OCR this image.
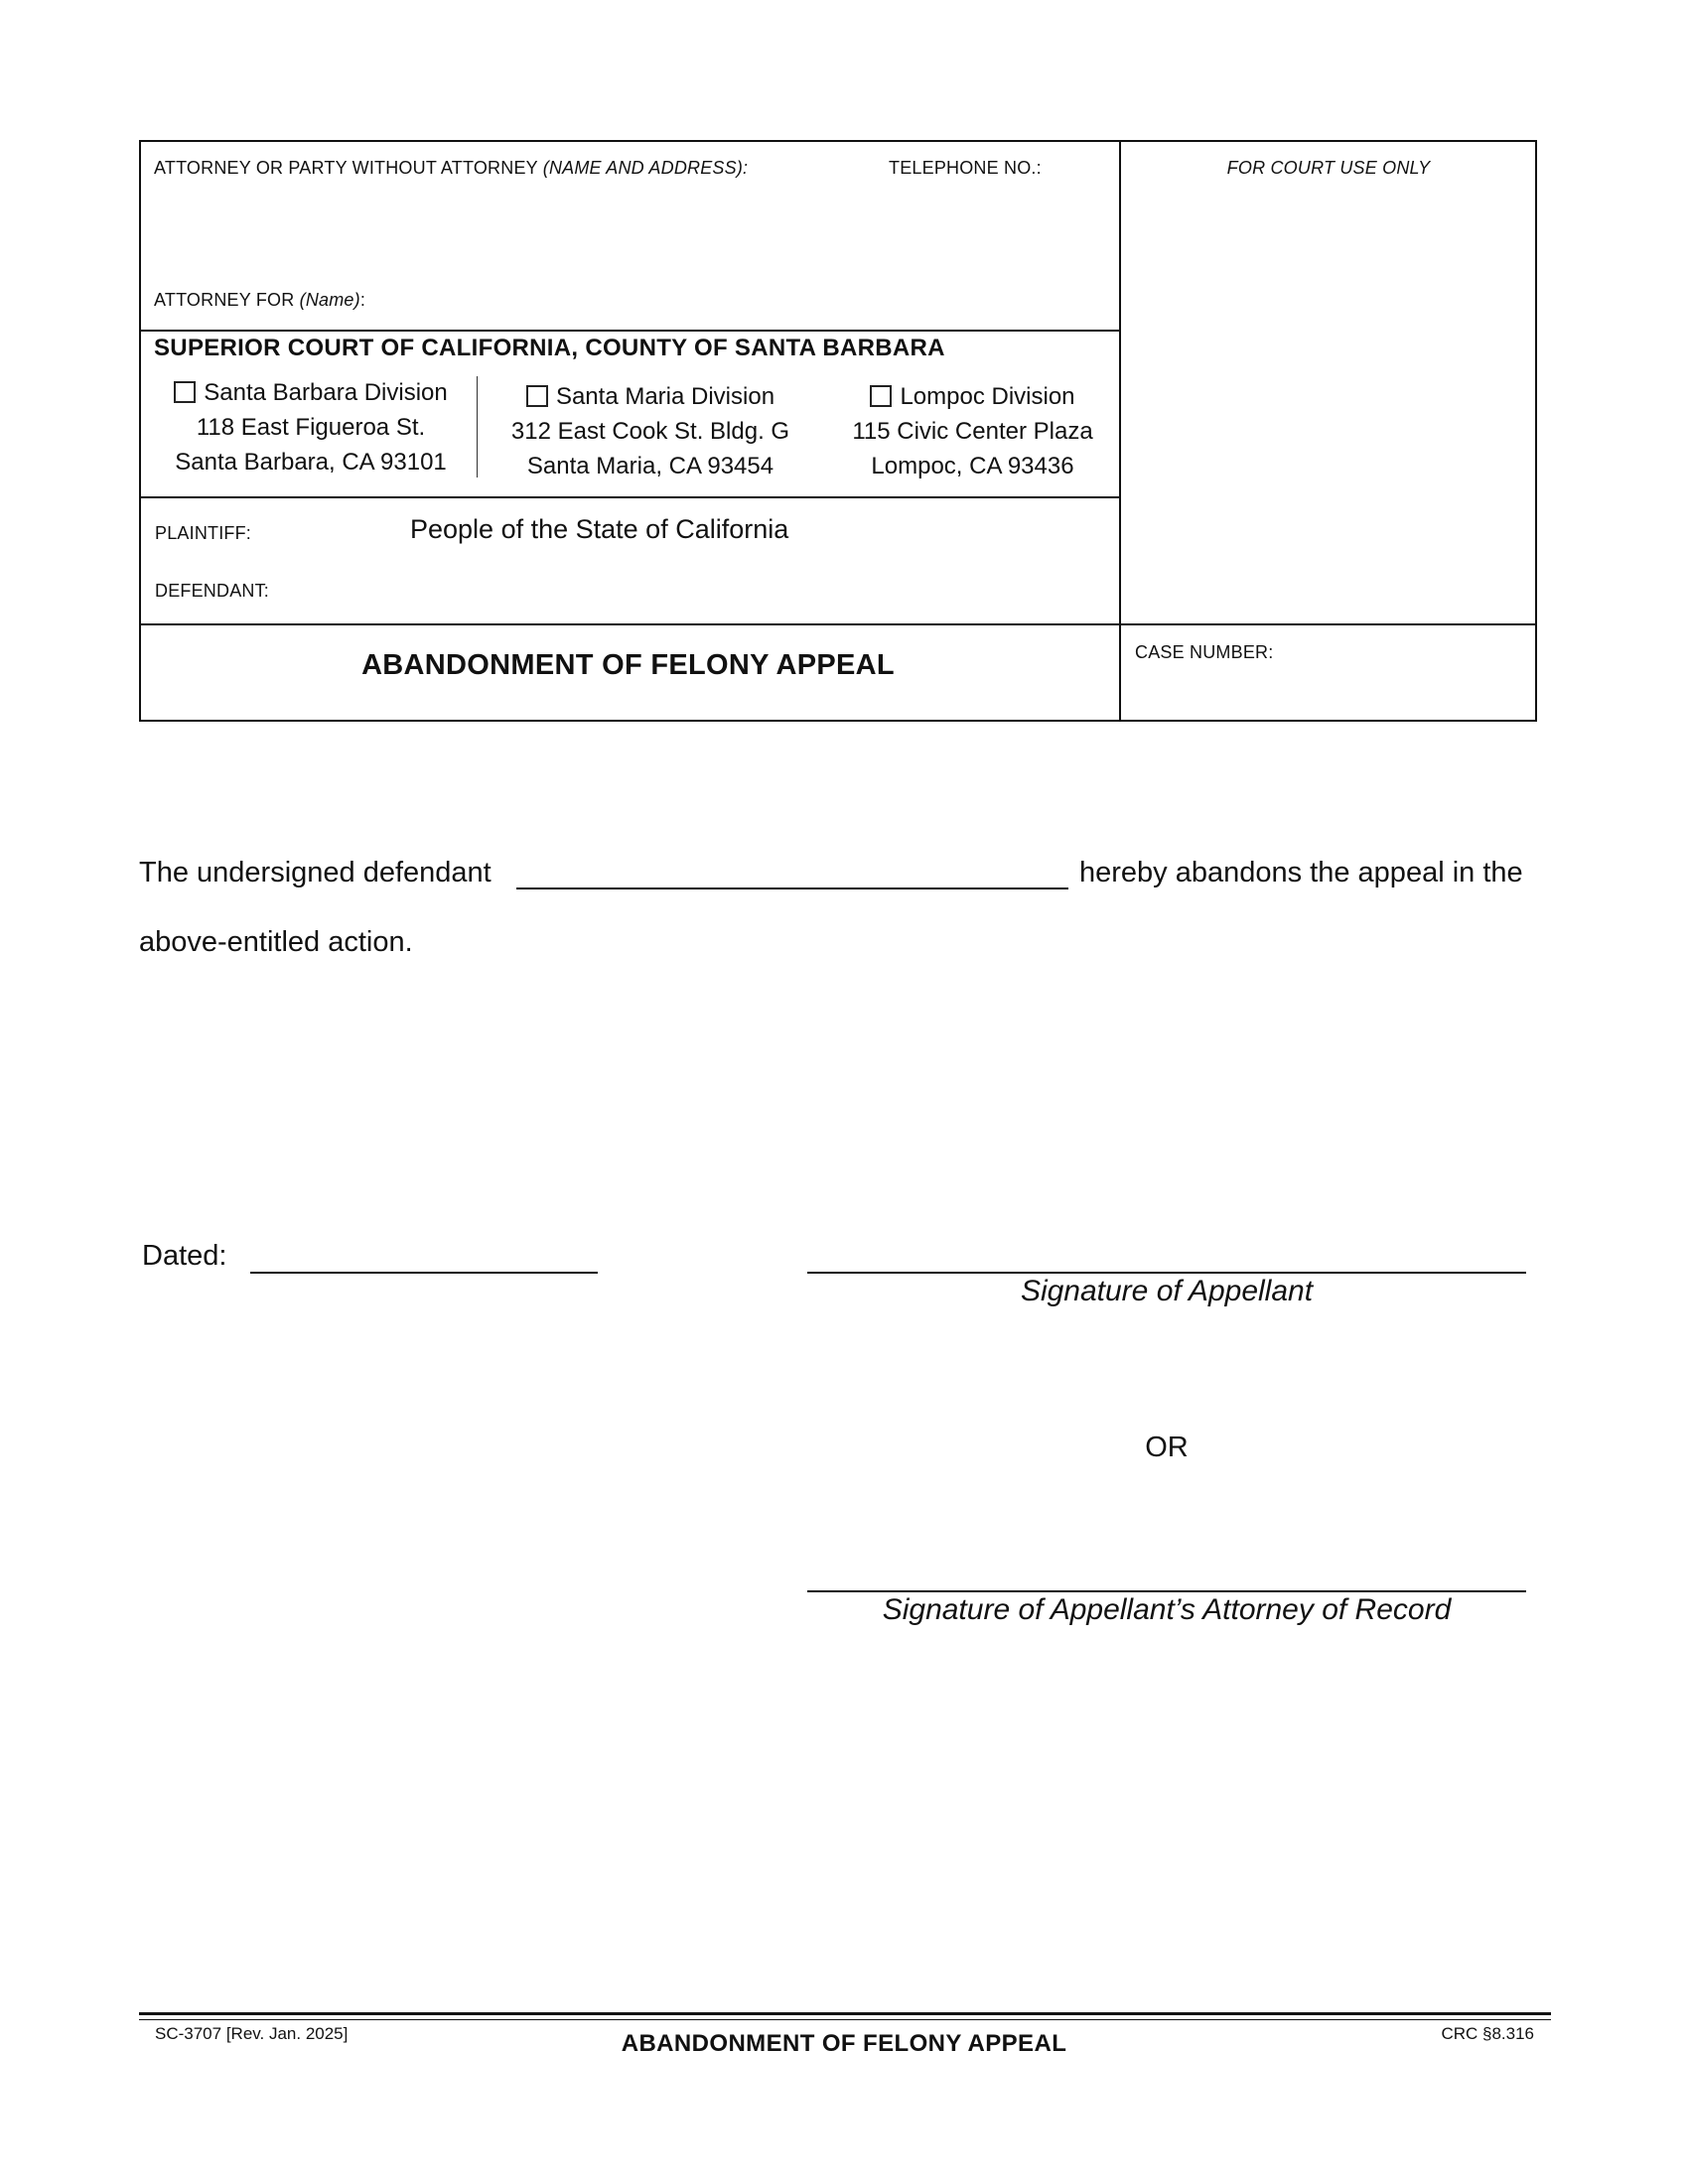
ATTORNEY OR PARTY WITHOUT ATTORNEY (NAME AND ADDRESS):	TELEPHONE NO.:
ATTORNEY FOR (Name):
FOR COURT USE ONLY
SUPERIOR COURT OF CALIFORNIA, COUNTY OF SANTA BARBARA
Santa Barbara Division
118 East Figueroa St.
Santa Barbara, CA 93101
Santa Maria Division
312 East Cook St. Bldg. G
Santa Maria, CA 93454
Lompoc Division
115 Civic Center Plaza
Lompoc, CA 93436
PLAINTIFF:	People of the State of California
DEFENDANT:
ABANDONMENT OF FELONY APPEAL	CASE NUMBER:
The undersigned defendant	hereby abandons the appeal in the
above-entitled action.
Dated:
Signature of Appellant
OR
Signature of Appellant’s Attorney of Record
SC-3707 [Rev. Jan. 2025]	ABANDONMENT OF FELONY APPEAL	CRC §8.316
